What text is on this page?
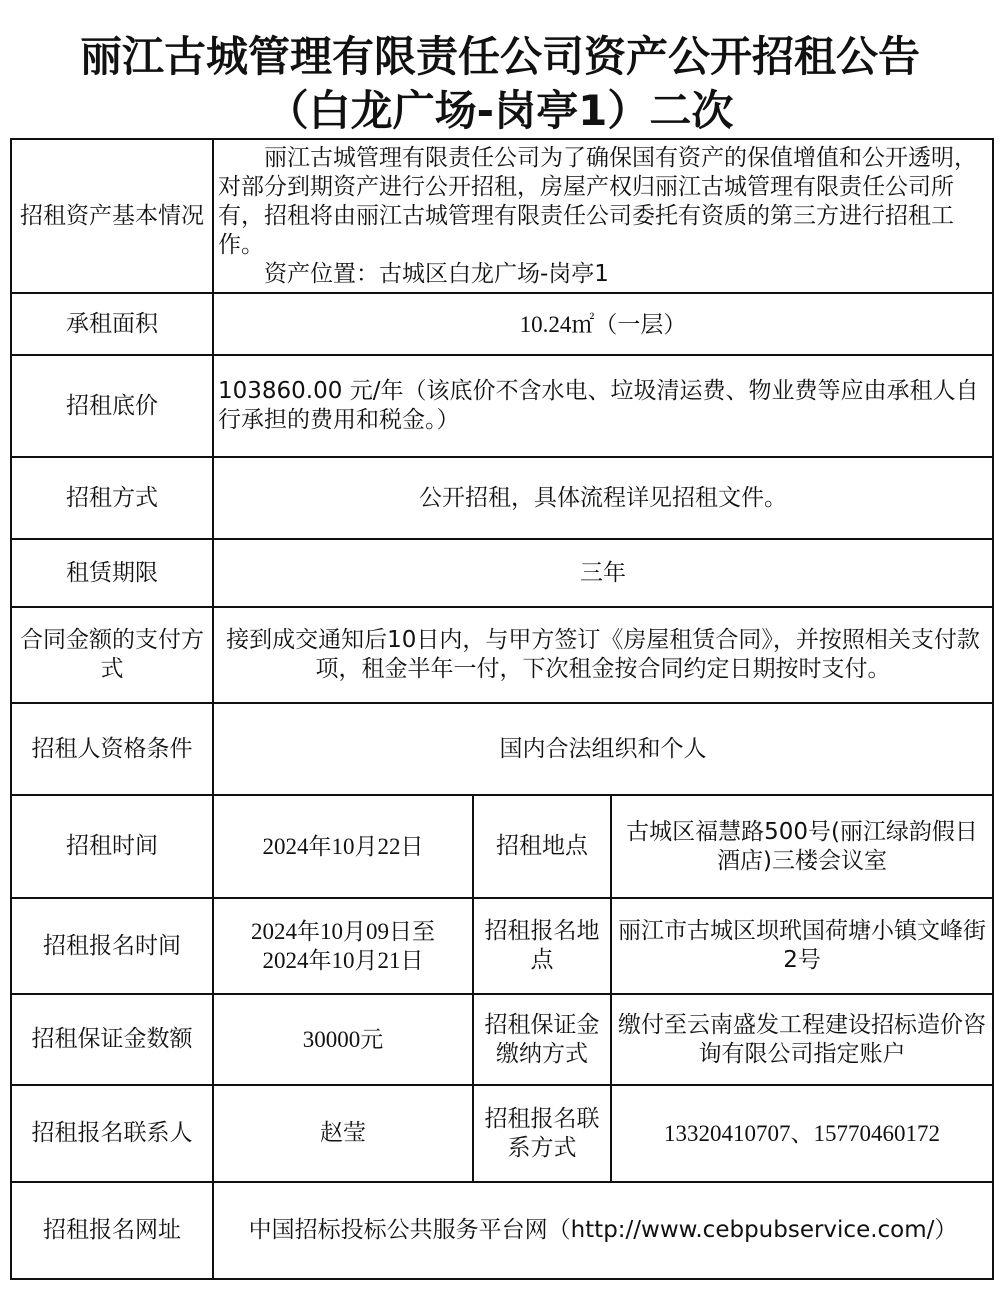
丽江古城管理有限责任公司资产公开招租公告
（白龙广场-岗亭1）二次
招租资产基本情况	丽江古城管理有限责任公司为了确保国有资产的保值增值和公开透明，对部分到期资产进行公开招租，房屋产权归丽江古城管理有限责任公司所有，招租将由丽江古城管理有限责任公司委托有资质的第三方进行招租工作。

资产位置：古城区白龙广场-岗亭1		

承租面积	10.24㎡（一层）		
招租底价	103860.00 元/年（该底价不含水电、垃圾清运费、物业费等应由承租人自行承担的费用和税金。）		
招租方式	公开招租，具体流程详见招租文件。		
租赁期限	三年		
合同金额的支付方式	接到成交通知后10日内，与甲方签订《房屋租赁合同》，并按照相关支付款项，租金半年一付，下次租金按合同约定日期按时支付。		
招租人资格条件	国内合法组织和个人		
招租时间	2024年10月22日	招租地点	古城区福慧路500号(丽江绿韵假日酒店)三楼会议室
招租报名时间	2024年10月09日至
2024年10月21日	招租报名地点	丽江市古城区坝玳国荷塘小镇文峰街2号
招租保证金数额	30000元	招租保证金缴纳方式	缴付至云南盛发工程建设招标造价咨询有限公司指定账户
招租报名联系人	赵莹	招租报名联系方式	13320410707、15770460172
招租报名网址	中国招标投标公共服务平台网（http://www.cebpubservice.com/）		
